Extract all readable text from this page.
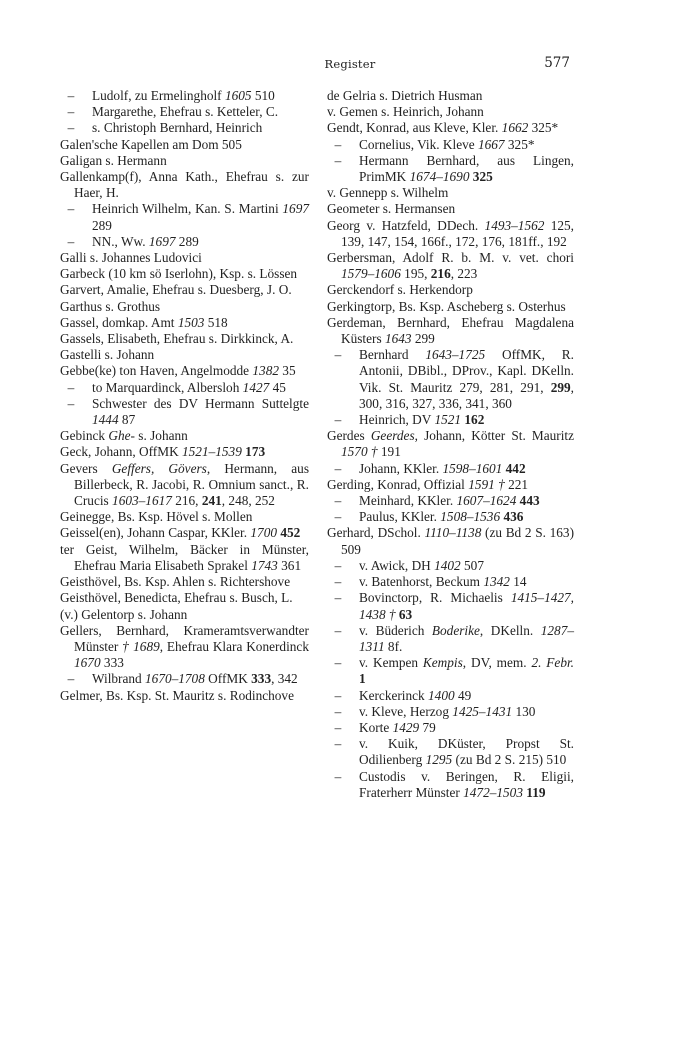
Register	577

– Ludolf, zu Ermelingholf 1605 510

– Margarethe, Ehefrau s. Ketteler, C.

– s. Christoph Bernhard, Heinrich

Galen'sche Kapellen am Dom 505

Galigan s. Hermann

Gallenkamp(f), Anna Kath., Ehefrau s. zur Haer, H.

– Heinrich Wilhelm, Kan. S. Martini 1697 289

– NN., Ww. 1697 289

Galli s. Johannes Ludovici

Garbeck (10 km sö Iserlohn), Ksp. s. Lössen

Garvert, Amalie, Ehefrau s. Duesberg, J. O.

Garthus s. Grothus

Gassel, domkap. Amt 1503 518

Gassels, Elisabeth, Ehefrau s. Dirkkinck, A.

Gastelli s. Johann

Gebbe(ke) ton Haven, Angelmodde 1382 35

– to Marquardinck, Albersloh 1427 45

– Schwester des DV Hermann Suttelgte 1444 87

Gebinck Ghe- s. Johann

Geck, Johann, OffMK 1521–1539 173

Gevers Geffers, Gövers, Hermann, aus Billerbeck, R. Jacobi, R. Omnium sanct., R. Crucis 1603–1617 216, 241, 248, 252

Geinegge, Bs. Ksp. Hövel s. Mollen

Geissel(en), Johann Caspar, KKler. 1700 452

ter Geist, Wilhelm, Bäcker in Münster, Ehefrau Maria Elisabeth Sprakel 1743 361

Geisthövel, Bs. Ksp. Ahlen s. Richtershove

Geisthövel, Benedicta, Ehefrau s. Busch, L.

(v.) Gelentorp s. Johann

Gellers, Bernhard, Krameramtsverwandter Münster † 1689, Ehefrau Klara Konerdinck 1670 333

– Wilbrand 1670–1708 OffMK 333, 342

Gelmer, Bs. Ksp. St. Mauritz s. Rodinchove

de Gelria s. Dietrich Husman

v. Gemen s. Heinrich, Johann

Gendt, Konrad, aus Kleve, Kler. 1662 325*

– Cornelius, Vik. Kleve 1667 325*

– Hermann Bernhard, aus Lingen, PrimMK 1674–1690 325

v. Gennepp s. Wilhelm

Geometer s. Hermansen

Georg v. Hatzfeld, DDech. 1493–1562 125, 139, 147, 154, 166f., 172, 176, 181ff., 192

Gerbersman, Adolf R. b. M. v. vet. chori 1579–1606 195, 216, 223

Gerckendorf s. Herkendorp

Gerkingtorp, Bs. Ksp. Ascheberg s. Osterhus

Gerdeman, Bernhard, Ehefrau Magdalena Küsters 1643 299

– Bernhard 1643–1725 OffMK, R. Antonii, DBibl., DProv., Kapl. DKelln. Vik. St. Mauritz 279, 281, 291, 299, 300, 316, 327, 336, 341, 360

– Heinrich, DV 1521 162

Gerdes Geerdes, Johann, Kötter St. Mauritz 1570 † 191

– Johann, KKler. 1598–1601 442

Gerding, Konrad, Offizial 1591 † 221

– Meinhard, KKler. 1607–1624 443

– Paulus, KKler. 1508–1536 436

Gerhard, DSchol. 1110–1138 (zu Bd 2 S. 163) 509

– v. Awick, DH 1402 507

– v. Batenhorst, Beckum 1342 14

– Bovinctorp, R. Michaelis 1415–1427, 1438 † 63

– v. Büderich Boderike, DKelln. 1287–1311 8f.

– v. Kempen Kempis, DV, mem. 2. Febr. 1

– Kerckerinck 1400 49

– v. Kleve, Herzog 1425–1431 130

– Korte 1429 79

– v. Kuik, DKüster, Propst St. Odilienberg 1295 (zu Bd 2 S. 215) 510

– Custodis v. Beringen, R. Eligii, Fraterherr Münster 1472–1503 119
